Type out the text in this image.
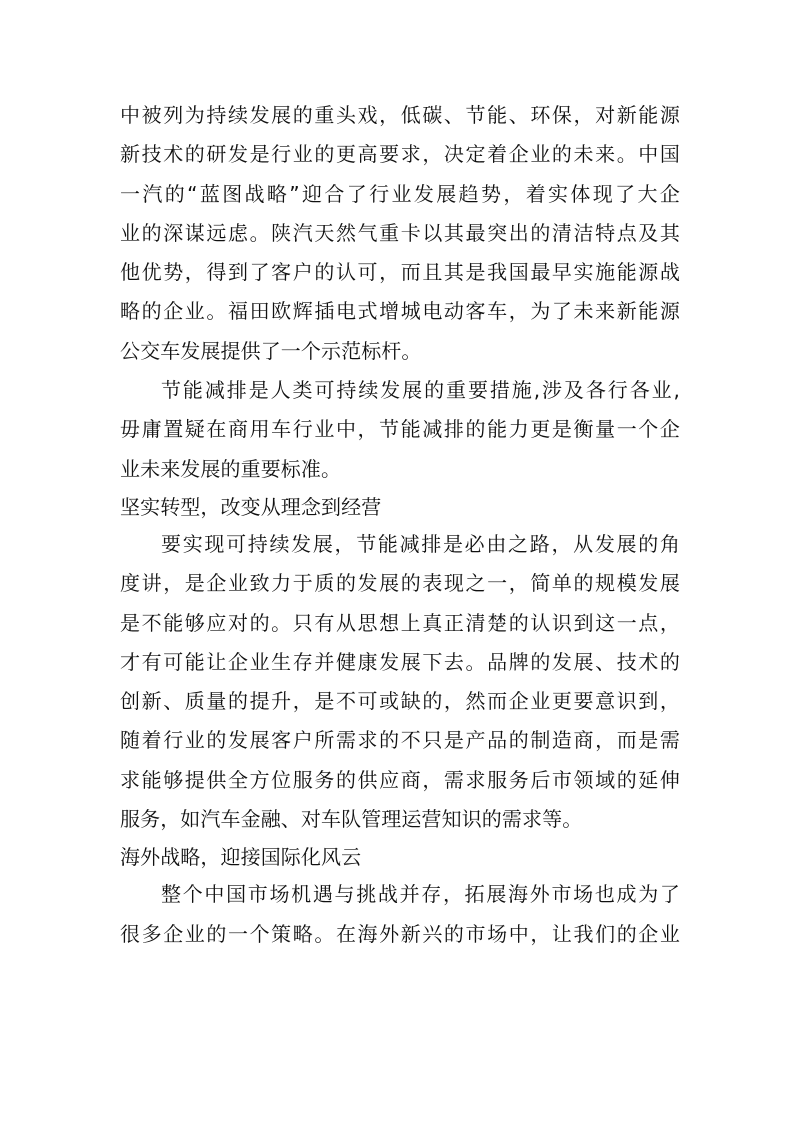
中被列为持续发展的重头戏，低碳、节能、环保，对新能源
新技术的研发是行业的更高要求，决定着企业的未来。中国
一汽的“蓝图战略”迎合了行业发展趋势，着实体现了大企
业的深谋远虑。陕汽天然气重卡以其最突出的清洁特点及其
他优势，得到了客户的认可，而且其是我国最早实施能源战
略的企业。福田欧辉插电式增城电动客车，为了未来新能源
公交车发展提供了一个示范标杆。
节能减排是人类可持续发展的重要措施,涉及各行各业,
毋庸置疑在商用车行业中，节能减排的能力更是衡量一个企
业未来发展的重要标准。
坚实转型，改变从理念到经营
要实现可持续发展，节能减排是必由之路，从发展的角
度讲，是企业致力于质的发展的表现之一，简单的规模发展
是不能够应对的。只有从思想上真正清楚的认识到这一点，
才有可能让企业生存并健康发展下去。品牌的发展、技术的
创新、质量的提升，是不可或缺的，然而企业更要意识到，
随着行业的发展客户所需求的不只是产品的制造商，而是需
求能够提供全方位服务的供应商，需求服务后市领域的延伸
服务，如汽车金融、对车队管理运营知识的需求等。
海外战略，迎接国际化风云
整个中国市场机遇与挑战并存，拓展海外市场也成为了
很多企业的一个策略。在海外新兴的市场中，让我们的企业
